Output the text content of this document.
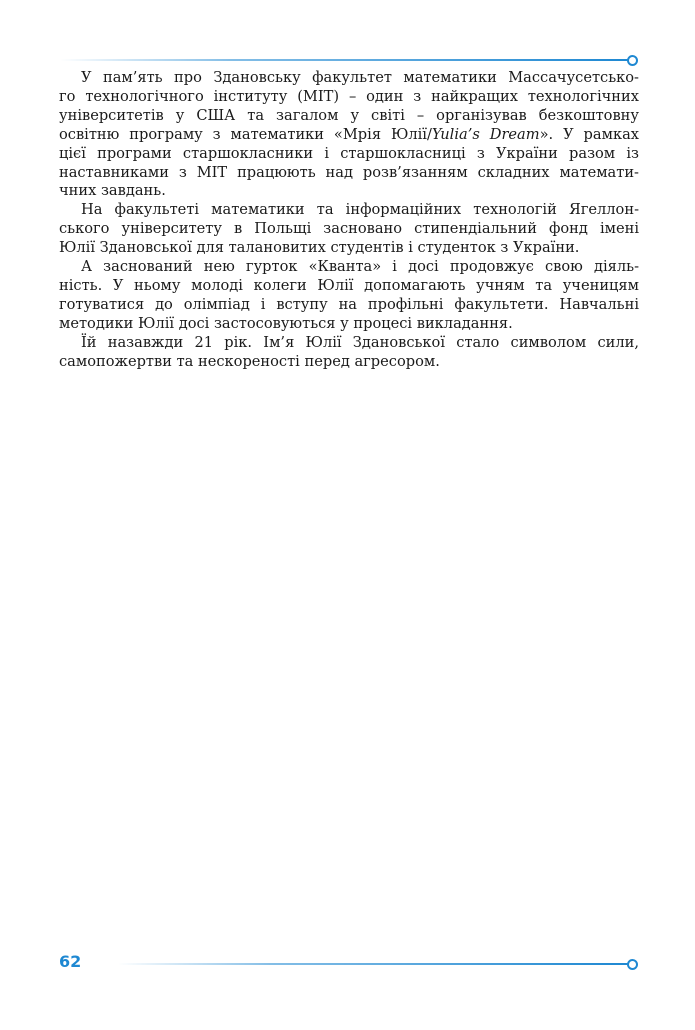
У пам’ять про Здановську факультет математики Массачусетсько-
го технологічного інституту (МІТ) – один з найкращих технологічних
університетів у США та загалом у світі – організував безкоштовну
освітню програму з математики «Мрія Юлії/Yulia’s Dream». У рамках
цієї програми старшокласники і старшокласниці з України разом із
наставниками з МІТ працюють над розв’язанням складних математи-
чних завдань.

На факультеті математики та інформаційних технологій Ягеллон-
ського університету в Польщі засновано стипендіальний фонд імені
Юлії Здановської для талановитих студентів і студенток з України.

А заснований нею гурток «Кванта» і досі продовжує свою діяль-
ність. У ньому молоді колеги Юлії допомагають учням та ученицям
готуватися до олімпіад і вступу на профільні факультети. Навчальні
методики Юлії досі застосовуються у процесі викладання.

Їй назавжди 21 рік. Ім’я Юлії Здановської стало символом сили,
самопожертви та нескореності перед агресором.

62
